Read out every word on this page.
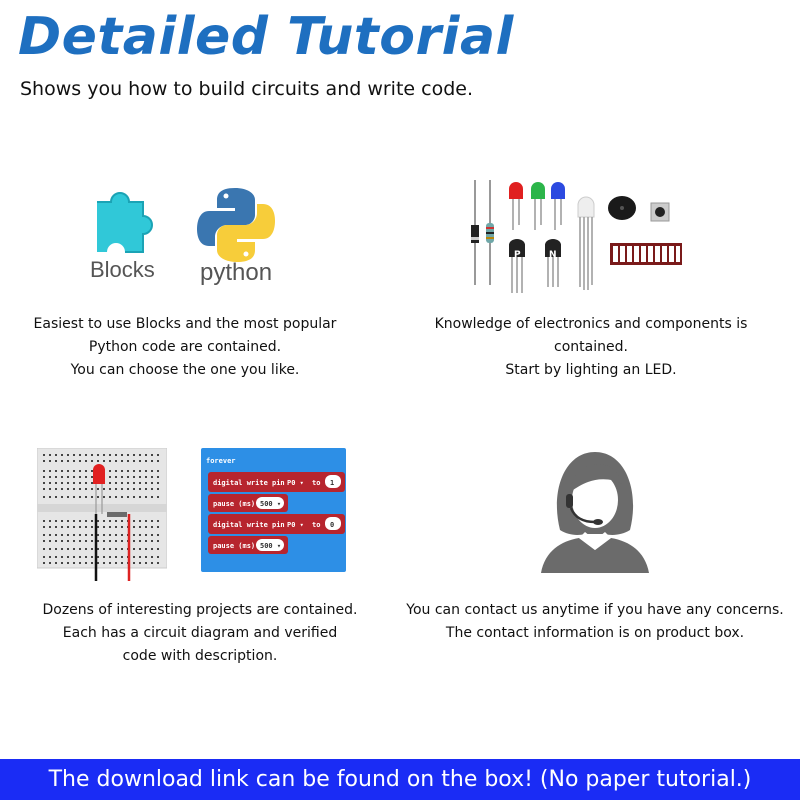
Detailed Tutorial
Shows you how to build circuits and write code.
Blocks python
Easiest to use Blocks and the most popular
Python code are contained.
You can choose the one you like.
P	N
Knowledge of electronics and components is contained.
Start by lighting an LED.
forever
digital write pin P0 ▾ to 1
pause (ms) 500 ▾
digital write pin P0 ▾ to 0
pause (ms) 500 ▾
Dozens of interesting projects are contained.
Each has a circuit diagram and verified
code with description.
You can contact us anytime if you have any concerns.
The contact information is on product box.
The download link can be found on the box! (No paper tutorial.)
